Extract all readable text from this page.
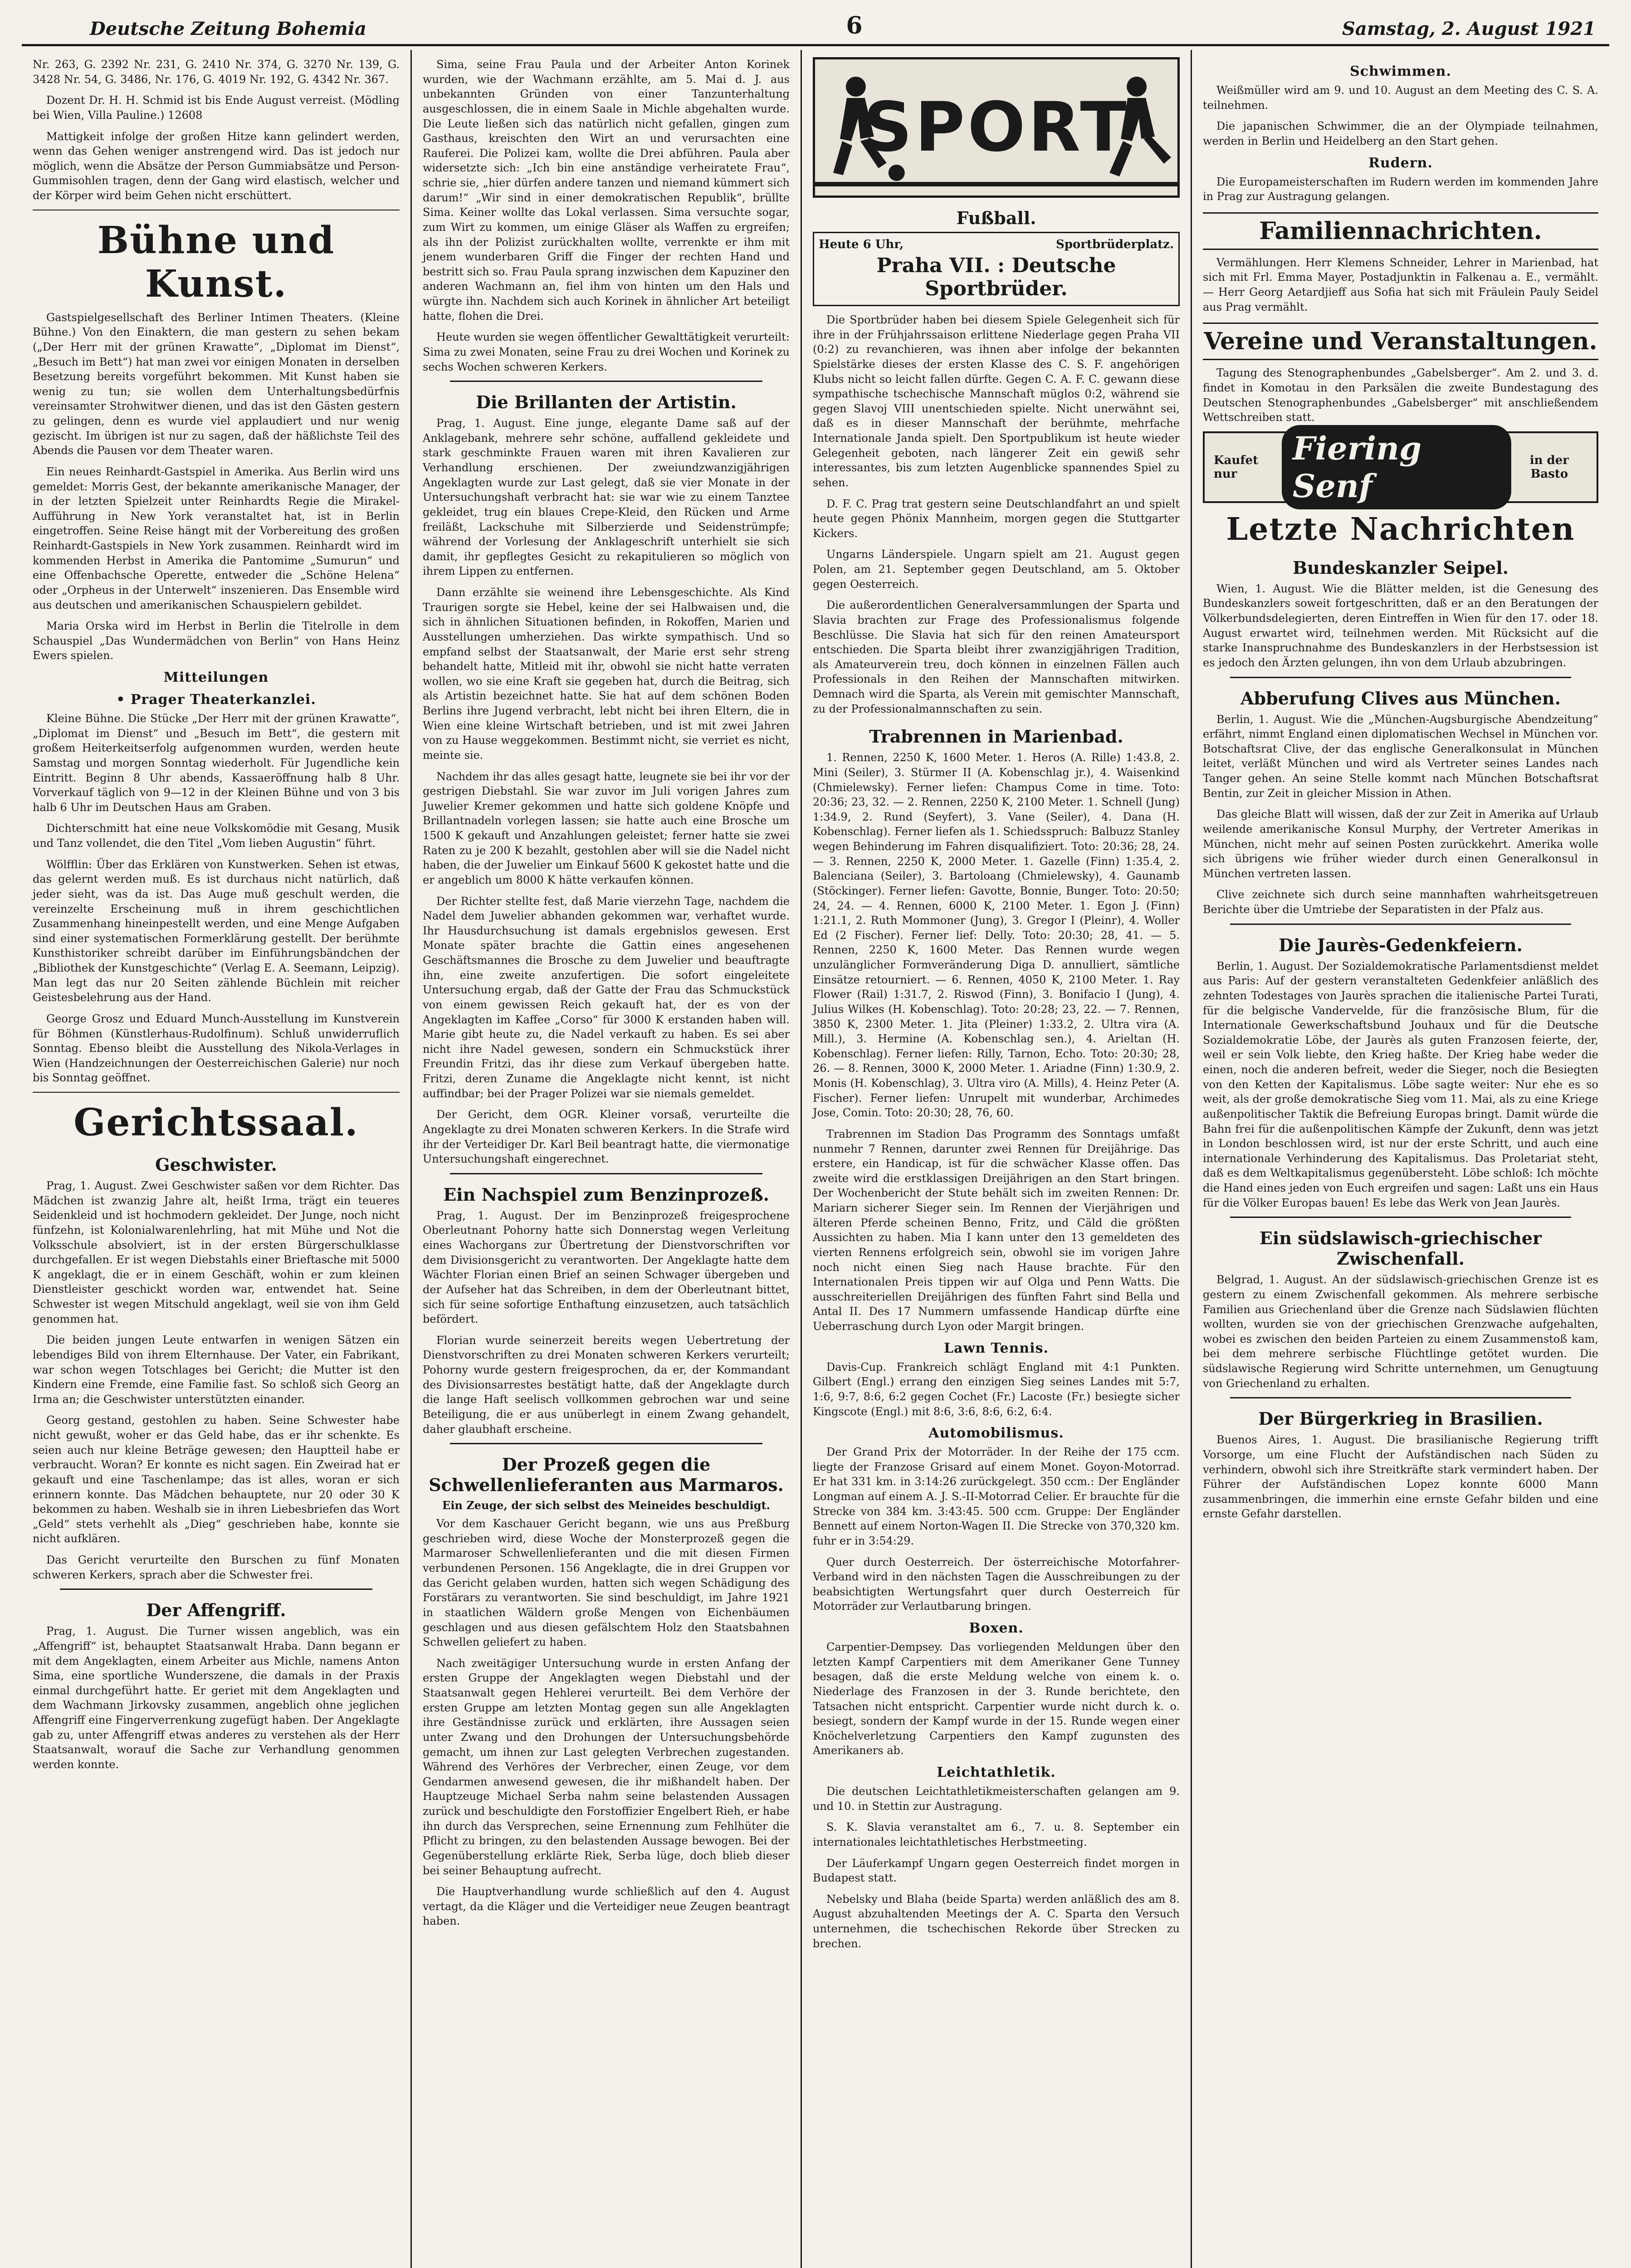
Deutsche Zeitung Bohemia	6	Samstag, 2. August 1921

Nr. 263, G. 2392 Nr. 231, G. 2410 Nr. 374, G. 3270 Nr. 139, G. 3428 Nr. 54, G. 3486, Nr. 176, G. 4019 Nr. 192, G. 4342 Nr. 367.

Dozent Dr. H. H. Schmid ist bis Ende August verreist. (Mödling bei Wien, Villa Pauline.) 12608

Mattigkeit infolge der großen Hitze kann gelindert werden, wenn das Gehen weniger anstrengend wird. Das ist jedoch nur möglich, wenn die Absätze der Person Gummiabsätze und Person-Gummisohlen tragen, denn der Gang wird elastisch, welcher und der Körper wird beim Gehen nicht erschüttert.

Bühne und Kunst.

Gastspielgesellschaft des Berliner Intimen Theaters. (Kleine Bühne.) Von den Einaktern, die man gestern zu sehen bekam („Der Herr mit der grünen Krawatte“, „Diplomat im Dienst“, „Besuch im Bett“) hat man zwei vor einigen Monaten in derselben Besetzung bereits vorgeführt bekommen. Mit Kunst haben sie wenig zu tun; sie wollen dem Unterhaltungsbedürfnis vereinsamter Strohwitwer dienen, und das ist den Gästen gestern zu gelingen, denn es wurde viel applaudiert und nur wenig gezischt. Im übrigen ist nur zu sagen, daß der häßlichste Teil des Abends die Pausen vor dem Theater waren.

Ein neues Reinhardt-Gastspiel in Amerika. Aus Berlin wird uns gemeldet: Morris Gest, der bekannte amerikanische Manager, der in der letzten Spielzeit unter Reinhardts Regie die Mirakel-Aufführung in New York veranstaltet hat, ist in Berlin eingetroffen. Seine Reise hängt mit der Vorbereitung des großen Reinhardt-Gastspiels in New York zusammen. Reinhardt wird im kommenden Herbst in Amerika die Pantomime „Sumurun“ und eine Offenbachsche Operette, entweder die „Schöne Helena“ oder „Orpheus in der Unterwelt“ inszenieren. Das Ensemble wird aus deutschen und amerikanischen Schauspielern gebildet.

Maria Orska wird im Herbst in Berlin die Titelrolle in dem Schauspiel „Das Wundermädchen von Berlin“ von Hans Heinz Ewers spielen.

Mitteilungen
• Prager Theaterkanzlei.

Kleine Bühne. Die Stücke „Der Herr mit der grünen Krawatte“, „Diplomat im Dienst“ und „Besuch im Bett“, die gestern mit großem Heiterkeitserfolg aufgenommen wurden, werden heute Samstag und morgen Sonntag wiederholt. Für Jugendliche kein Eintritt. Beginn 8 Uhr abends, Kassaeröffnung halb 8 Uhr. Vorverkauf täglich von 9—12 in der Kleinen Bühne und von 3 bis halb 6 Uhr im Deutschen Haus am Graben.

Dichterschmitt hat eine neue Volkskomödie mit Gesang, Musik und Tanz vollendet, die den Titel „Vom lieben Augustin“ führt.

Wölfflin: Über das Erklären von Kunstwerken. Sehen ist etwas, das gelernt werden muß. Es ist durchaus nicht natürlich, daß jeder sieht, was da ist. Das Auge muß geschult werden, die vereinzelte Erscheinung muß in ihrem geschichtlichen Zusammenhang hineinpestellt werden, und eine Menge Aufgaben sind einer systematischen Formerklärung gestellt. Der berühmte Kunsthistoriker schreibt darüber im Einführungsbändchen der „Bibliothek der Kunstgeschichte“ (Verlag E. A. Seemann, Leipzig). Man legt das nur 20 Seiten zählende Büchlein mit reicher Geistesbelehrung aus der Hand.

George Grosz und Eduard Munch-Ausstellung im Kunstverein für Böhmen (Künstlerhaus-Rudolfinum). Schluß unwiderruflich Sonntag. Ebenso bleibt die Ausstellung des Nikola-Verlages in Wien (Handzeichnungen der Oesterreichischen Galerie) nur noch bis Sonntag geöffnet.

Gerichtssaal.
Geschwister.

Prag, 1. August. Zwei Geschwister saßen vor dem Richter. Das Mädchen ist zwanzig Jahre alt, heißt Irma, trägt ein teueres Seidenkleid und ist hochmodern gekleidet. Der Junge, noch nicht fünfzehn, ist Kolonialwarenlehrling, hat mit Mühe und Not die Volksschule absolviert, ist in der ersten Bürgerschulklasse durchgefallen. Er ist wegen Diebstahls einer Brieftasche mit 5000 K angeklagt, die er in einem Geschäft, wohin er zum kleinen Dienstleister geschickt worden war, entwendet hat. Seine Schwester ist wegen Mitschuld angeklagt, weil sie von ihm Geld genommen hat.

Die beiden jungen Leute entwarfen in wenigen Sätzen ein lebendiges Bild von ihrem Elternhause. Der Vater, ein Fabrikant, war schon wegen Totschlages bei Gericht; die Mutter ist den Kindern eine Fremde, eine Familie fast. So schloß sich Georg an Irma an; die Geschwister unterstützten einander.

Georg gestand, gestohlen zu haben. Seine Schwester habe nicht gewußt, woher er das Geld habe, das er ihr schenkte. Es seien auch nur kleine Beträge gewesen; den Hauptteil habe er verbraucht. Woran? Er konnte es nicht sagen. Ein Zweirad hat er gekauft und eine Taschenlampe; das ist alles, woran er sich erinnern konnte. Das Mädchen behauptete, nur 20 oder 30 K bekommen zu haben. Weshalb sie in ihren Liebesbriefen das Wort „Geld“ stets verhehlt als „Dieg“ geschrieben habe, konnte sie nicht aufklären.

Das Gericht verurteilte den Burschen zu fünf Monaten schweren Kerkers, sprach aber die Schwester frei.

Der Affengriff.

Prag, 1. August. Die Turner wissen angeblich, was ein „Affengriff“ ist, behauptet Staatsanwalt Hraba. Dann begann er mit dem Angeklagten, einem Arbeiter aus Michle, namens Anton Sima, eine sportliche Wunderszene, die damals in der Praxis einmal durchgeführt hatte. Er geriet mit dem Angeklagten und dem Wachmann Jirkovsky zusammen, angeblich ohne jeglichen Affengriff eine Fingerverrenkung zugefügt haben. Der Angeklagte gab zu, unter Affengriff etwas anderes zu verstehen als der Herr Staatsanwalt, worauf die Sache zur Verhandlung genommen werden konnte.

Sima, seine Frau Paula und der Arbeiter Anton Korinek wurden, wie der Wachmann erzählte, am 5. Mai d. J. aus unbekannten Gründen von einer Tanzunterhaltung ausgeschlossen, die in einem Saale in Michle abgehalten wurde. Die Leute ließen sich das natürlich nicht gefallen, gingen zum Gasthaus, kreischten den Wirt an und verursachten eine Rauferei. Die Polizei kam, wollte die Drei abführen. Paula aber widersetzte sich: „Ich bin eine anständige verheiratete Frau“, schrie sie, „hier dürfen andere tanzen und niemand kümmert sich darum!“ „Wir sind in einer demokratischen Republik“, brüllte Sima. Keiner wollte das Lokal verlassen. Sima versuchte sogar, zum Wirt zu kommen, um einige Gläser als Waffen zu ergreifen; als ihn der Polizist zurückhalten wollte, verrenkte er ihm mit jenem wunderbaren Griff die Finger der rechten Hand und bestritt sich so. Frau Paula sprang inzwischen dem Kapuziner den anderen Wachmann an, fiel ihm von hinten um den Hals und würgte ihn. Nachdem sich auch Korinek in ähnlicher Art beteiligt hatte, flohen die Drei.

Heute wurden sie wegen öffentlicher Gewalttätigkeit verurteilt: Sima zu zwei Monaten, seine Frau zu drei Wochen und Korinek zu sechs Wochen schweren Kerkers.

Die Brillanten der Artistin.

Prag, 1. August. Eine junge, elegante Dame saß auf der Anklagebank, mehrere sehr schöne, auffallend gekleidete und stark geschminkte Frauen waren mit ihren Kavalieren zur Verhandlung erschienen. Der zweiundzwanzigjährigen Angeklagten wurde zur Last gelegt, daß sie vier Monate in der Untersuchungshaft verbracht hat: sie war wie zu einem Tanztee gekleidet, trug ein blaues Crepe-Kleid, den Rücken und Arme freiläßt, Lackschuhe mit Silberzierde und Seidenstrümpfe; während der Vorlesung der Anklageschrift unterhielt sie sich damit, ihr gepflegtes Gesicht zu rekapitulieren so möglich von ihrem Lippen zu entfernen.

Dann erzählte sie weinend ihre Lebensgeschichte. Als Kind Traurigen sorgte sie Hebel, keine der sei Halbwaisen und, die sich in ähnlichen Situationen befinden, in Rokoffen, Marien und Ausstellungen umherziehen. Das wirkte sympathisch. Und so empfand selbst der Staatsanwalt, der Marie erst sehr streng behandelt hatte, Mitleid mit ihr, obwohl sie nicht hatte verraten wollen, wo sie eine Kraft sie gegeben hat, durch die Beitrag, sich als Artistin bezeichnet hatte. Sie hat auf dem schönen Boden Berlins ihre Jugend verbracht, lebt nicht bei ihren Eltern, die in Wien eine kleine Wirtschaft betrieben, und ist mit zwei Jahren von zu Hause weggekommen. Bestimmt nicht, sie verriet es nicht, meinte sie.

Nachdem ihr das alles gesagt hatte, leugnete sie bei ihr vor der gestrigen Diebstahl. Sie war zuvor im Juli vorigen Jahres zum Juwelier Kremer gekommen und hatte sich goldene Knöpfe und Brillantnadeln vorlegen lassen; sie hatte auch eine Brosche um 1500 K gekauft und Anzahlungen geleistet; ferner hatte sie zwei Raten zu je 200 K bezahlt, gestohlen aber will sie die Nadel nicht haben, die der Juwelier um Einkauf 5600 K gekostet hatte und die er angeblich um 8000 K hätte verkaufen können.

Der Richter stellte fest, daß Marie vierzehn Tage, nachdem die Nadel dem Juwelier abhanden gekommen war, verhaftet wurde. Ihr Hausdurchsuchung ist damals ergebnislos gewesen. Erst Monate später brachte die Gattin eines angesehenen Geschäftsmannes die Brosche zu dem Juwelier und beauftragte ihn, eine zweite anzufertigen. Die sofort eingeleitete Untersuchung ergab, daß der Gatte der Frau das Schmuckstück von einem gewissen Reich gekauft hat, der es von der Angeklagten im Kaffee „Corso“ für 3000 K erstanden haben will. Marie gibt heute zu, die Nadel verkauft zu haben. Es sei aber nicht ihre Nadel gewesen, sondern ein Schmuckstück ihrer Freundin Fritzi, das ihr diese zum Verkauf übergeben hatte. Fritzi, deren Zuname die Angeklagte nicht kennt, ist nicht auffindbar; bei der Prager Polizei war sie niemals gemeldet.

Der Gericht, dem OGR. Kleiner vorsaß, verurteilte die Angeklagte zu drei Monaten schweren Kerkers. In die Strafe wird ihr der Verteidiger Dr. Karl Beil beantragt hatte, die viermonatige Untersuchungshaft eingerechnet.

Ein Nachspiel zum Benzinprozeß.

Prag, 1. August. Der im Benzinprozeß freigesprochene Oberleutnant Pohorny hatte sich Donnerstag wegen Verleitung eines Wachorgans zur Übertretung der Dienstvorschriften vor dem Divisionsgericht zu verantworten. Der Angeklagte hatte dem Wächter Florian einen Brief an seinen Schwager übergeben und der Aufseher hat das Schreiben, in dem der Oberleutnant bittet, sich für seine sofortige Enthaftung einzusetzen, auch tatsächlich befördert.

Florian wurde seinerzeit bereits wegen Uebertretung der Dienstvorschriften zu drei Monaten schweren Kerkers verurteilt; Pohorny wurde gestern freigesprochen, da er, der Kommandant des Divisionsarrestes bestätigt hatte, daß der Angeklagte durch die lange Haft seelisch vollkommen gebrochen war und seine Beteiligung, die er aus unüberlegt in einem Zwang gehandelt, daher glaubhaft erscheine.

Der Prozeß gegen die Schwellenlieferanten aus Marmaros.
Ein Zeuge, der sich selbst des Meineides beschuldigt.

Vor dem Kaschauer Gericht begann, wie uns aus Preßburg geschrieben wird, diese Woche der Monsterprozeß gegen die Marmaroser Schwellenlieferanten und die mit diesen Firmen verbundenen Personen. 156 Angeklagte, die in drei Gruppen vor das Gericht gelaben wurden, hatten sich wegen Schädigung des Forstärars zu verantworten. Sie sind beschuldigt, im Jahre 1921 in staatlichen Wäldern große Mengen von Eichenbäumen geschlagen und aus diesen gefälschtem Holz den Staatsbahnen Schwellen geliefert zu haben.

Nach zweitägiger Untersuchung wurde in ersten Anfang der ersten Gruppe der Angeklagten wegen Diebstahl und der Staatsanwalt gegen Hehlerei verurteilt. Bei dem Verhöre der ersten Gruppe am letzten Montag gegen sun alle Angeklagten ihre Geständnisse zurück und erklärten, ihre Aussagen seien unter Zwang und den Drohungen der Untersuchungsbehörde gemacht, um ihnen zur Last gelegten Verbrechen zugestanden. Während des Verhöres der Verbrecher, einen Zeuge, vor dem Gendarmen anwesend gewesen, die ihr mißhandelt haben. Der Hauptzeuge Michael Serba nahm seine belastenden Aussagen zurück und beschuldigte den Forstoffizier Engelbert Rieh, er habe ihn durch das Versprechen, seine Ernennung zum Fehlhüter die Pflicht zu bringen, zu den belastenden Aussage bewogen. Bei der Gegenüberstellung erklärte Riek, Serba lüge, doch blieb dieser bei seiner Behauptung aufrecht.

Die Hauptverhandlung wurde schließlich auf den 4. August vertagt, da die Kläger und die Verteidiger neue Zeugen beantragt haben.

SPORT
Fußball.
Heute 6 Uhr,	Sportbrüderplatz.
Praha VII. : Deutsche Sportbrüder.

Die Sportbrüder haben bei diesem Spiele Gelegenheit sich für ihre in der Frühjahrssaison erlittene Niederlage gegen Praha VII (0:2) zu revanchieren, was ihnen aber infolge der bekannten Spielstärke dieses der ersten Klasse des C. S. F. angehörigen Klubs nicht so leicht fallen dürfte. Gegen C. A. F. C. gewann diese sympathische tschechische Mannschaft müglos 0:2, während sie gegen Slavoj VIII unentschieden spielte. Nicht unerwähnt sei, daß es in dieser Mannschaft der berühmte, mehrfache Internationale Janda spielt. Den Sportpublikum ist heute wieder Gelegenheit geboten, nach längerer Zeit ein gewiß sehr interessantes, bis zum letzten Augenblicke spannendes Spiel zu sehen.

D. F. C. Prag trat gestern seine Deutschlandfahrt an und spielt heute gegen Phönix Mannheim, morgen gegen die Stuttgarter Kickers.

Ungarns Länderspiele. Ungarn spielt am 21. August gegen Polen, am 21. September gegen Deutschland, am 5. Oktober gegen Oesterreich.

Die außerordentlichen Generalversammlungen der Sparta und Slavia brachten zur Frage des Professionalismus folgende Beschlüsse. Die Slavia hat sich für den reinen Amateursport entschieden. Die Sparta bleibt ihrer zwanzigjährigen Tradition, als Amateurverein treu, doch können in einzelnen Fällen auch Professionals in den Reihen der Mannschaften mitwirken. Demnach wird die Sparta, als Verein mit gemischter Mannschaft, zu der Professionalmannschaften zu sein.

Trabrennen in Marienbad.

1. Rennen, 2250 K, 1600 Meter. 1. Heros (A. Rille) 1:43.8, 2. Mini (Seiler), 3. Stürmer II (A. Kobenschlag jr.), 4. Waisenkind (Chmielewsky). Ferner liefen: Champus Come in time. Toto: 20:36; 23, 32. — 2. Rennen, 2250 K, 2100 Meter. 1. Schnell (Jung) 1:34.9, 2. Rund (Seyfert), 3. Vane (Seiler), 4. Dana (H. Kobenschlag). Ferner liefen als 1. Schiedsspruch: Balbuzz Stanley wegen Behinderung im Fahren disqualifiziert. Toto: 20:36; 28, 24. — 3. Rennen, 2250 K, 2000 Meter. 1. Gazelle (Finn) 1:35.4, 2. Balenciana (Seiler), 3. Bartoloang (Chmielewsky), 4. Gaunamb (Stöckinger). Ferner liefen: Gavotte, Bonnie, Bunger. Toto: 20:50; 24, 24. — 4. Rennen, 6000 K, 2100 Meter. 1. Egon J. (Finn) 1:21.1, 2. Ruth Mommoner (Jung), 3. Gregor I (Pleinr), 4. Woller Ed (2 Fischer). Ferner lief: Delly. Toto: 20:30; 28, 41. — 5. Rennen, 2250 K, 1600 Meter. Das Rennen wurde wegen unzulänglicher Formveränderung Diga D. annulliert, sämtliche Einsätze retourniert. — 6. Rennen, 4050 K, 2100 Meter. 1. Ray Flower (Rail) 1:31.7, 2. Riswod (Finn), 3. Bonifacio I (Jung), 4. Julius Wilkes (H. Kobenschlag). Toto: 20:28; 23, 22. — 7. Rennen, 3850 K, 2300 Meter. 1. Jita (Pleiner) 1:33.2, 2. Ultra vira (A. Mill.), 3. Hermine (A. Kobenschlag sen.), 4. Arieltan (H. Kobenschlag). Ferner liefen: Rilly, Tarnon, Echo. Toto: 20:30; 28, 26. — 8. Rennen, 3000 K, 2000 Meter. 1. Ariadne (Finn) 1:30.9, 2. Monis (H. Kobenschlag), 3. Ultra viro (A. Mills), 4. Heinz Peter (A. Fischer). Ferner liefen: Unrupelt mit wunderbar, Archimedes Jose, Comin. Toto: 20:30; 28, 76, 60.

Trabrennen im Stadion Das Programm des Sonntags umfaßt nunmehr 7 Rennen, darunter zwei Rennen für Dreijährige. Das erstere, ein Handicap, ist für die schwächer Klasse offen. Das zweite wird die erstklassigen Dreijährigen an den Start bringen. Der Wochenbericht der Stute behält sich im zweiten Rennen: Dr. Mariarn sicherer Sieger sein. Im Rennen der Vierjährigen und älteren Pferde scheinen Benno, Fritz, und Cäld die größten Aussichten zu haben. Mia I kann unter den 13 gemeldeten des vierten Rennens erfolgreich sein, obwohl sie im vorigen Jahre noch nicht einen Sieg nach Hause brachte. Für den Internationalen Preis tippen wir auf Olga und Penn Watts. Die ausschreiteriellen Dreijährigen des fünften Fahrt sind Bella und Antal II. Des 17 Nummern umfassende Handicap dürfte eine Ueberraschung durch Lyon oder Margit bringen.

Lawn Tennis.

Davis-Cup. Frankreich schlägt England mit 4:1 Punkten. Gilbert (Engl.) errang den einzigen Sieg seines Landes mit 5:7, 1:6, 9:7, 8:6, 6:2 gegen Cochet (Fr.) Lacoste (Fr.) besiegte sicher Kingscote (Engl.) mit 8:6, 3:6, 8:6, 6:2, 6:4.

Automobilismus.

Der Grand Prix der Motorräder. In der Reihe der 175 ccm. liegte der Franzose Grisard auf einem Monet. Goyon-Motorrad. Er hat 331 km. in 3:14:26 zurückgelegt. 350 ccm.: Der Engländer Longman auf einem A. J. S.-II-Motorrad Celier. Er brauchte für die Strecke von 384 km. 3:43:45. 500 ccm. Gruppe: Der Engländer Bennett auf einem Norton-Wagen II. Die Strecke von 370,320 km. fuhr er in 3:54:29.

Quer durch Oesterreich. Der österreichische Motorfahrer-Verband wird in den nächsten Tagen die Ausschreibungen zu der beabsichtigten Wertungsfahrt quer durch Oesterreich für Motorräder zur Verlautbarung bringen.

Boxen.

Carpentier-Dempsey. Das vorliegenden Meldungen über den letzten Kampf Carpentiers mit dem Amerikaner Gene Tunney besagen, daß die erste Meldung welche von einem k. o. Niederlage des Franzosen in der 3. Runde berichtete, den Tatsachen nicht entspricht. Carpentier wurde nicht durch k. o. besiegt, sondern der Kampf wurde in der 15. Runde wegen einer Knöchelverletzung Carpentiers den Kampf zugunsten des Amerikaners ab.

Leichtathletik.

Die deutschen Leichtathletikmeisterschaften gelangen am 9. und 10. in Stettin zur Austragung.

S. K. Slavia veranstaltet am 6., 7. u. 8. September ein internationales leichtathletisches Herbstmeeting.

Der Läuferkampf Ungarn gegen Oesterreich findet morgen in Budapest statt.

Nebelsky und Blaha (beide Sparta) werden anläßlich des am 8. August abzuhaltenden Meetings der A. C. Sparta den Versuch unternehmen, die tschechischen Rekorde über Strecken zu brechen.

Schwimmen.

Weißmüller wird am 9. und 10. August an dem Meeting des C. S. A. teilnehmen.

Die japanischen Schwimmer, die an der Olympiade teilnahmen, werden in Berlin und Heidelberg an den Start gehen.

Rudern.

Die Europameisterschaften im Rudern werden im kommenden Jahre in Prag zur Austragung gelangen.

Familiennachrichten.

Vermählungen. Herr Klemens Schneider, Lehrer in Marienbad, hat sich mit Frl. Emma Mayer, Postadjunktin in Falkenau a. E., vermählt. — Herr Georg Aetardjieff aus Sofia hat sich mit Fräulein Pauly Seidel aus Prag vermählt.

Vereine und Veranstaltungen.

Tagung des Stenographenbundes „Gabelsberger“. Am 2. und 3. d. findet in Komotau in den Parksälen die zweite Bundestagung des Deutschen Stenographenbundes „Gabelsberger“ mit anschließendem Wettschreiben statt.

Kaufet nur
Fiering Senf
in der Basto
Letzte Nachrichten
Bundeskanzler Seipel.

Wien, 1. August. Wie die Blätter melden, ist die Genesung des Bundeskanzlers soweit fortgeschritten, daß er an den Beratungen der Völkerbundsdelegierten, deren Eintreffen in Wien für den 17. oder 18. August erwartet wird, teilnehmen werden. Mit Rücksicht auf die starke Inanspruchnahme des Bundeskanzlers in der Herbstsession ist es jedoch den Ärzten gelungen, ihn von dem Urlaub abzubringen.

Abberufung Clives aus München.

Berlin, 1. August. Wie die „München-Augsburgische Abendzeitung“ erfährt, nimmt England einen diplomatischen Wechsel in München vor. Botschaftsrat Clive, der das englische Generalkonsulat in München leitet, verläßt München und wird als Vertreter seines Landes nach Tanger gehen. An seine Stelle kommt nach München Botschaftsrat Bentin, zur Zeit in gleicher Mission in Athen.

Das gleiche Blatt will wissen, daß der zur Zeit in Amerika auf Urlaub weilende amerikanische Konsul Murphy, der Vertreter Amerikas in München, nicht mehr auf seinen Posten zurückkehrt. Amerika wolle sich übrigens wie früher wieder durch einen Generalkonsul in München vertreten lassen.

Clive zeichnete sich durch seine mannhaften wahrheitsgetreuen Berichte über die Umtriebe der Separatisten in der Pfalz aus.

Die Jaurès-Gedenkfeiern.

Berlin, 1. August. Der Sozialdemokratische Parlamentsdienst meldet aus Paris: Auf der gestern veranstalteten Gedenkfeier anläßlich des zehnten Todestages von Jaurès sprachen die italienische Partei Turati, für die belgische Vandervelde, für die französische Blum, für die Internationale Gewerkschaftsbund Jouhaux und für die Deutsche Sozialdemokratie Löbe, der Jaurès als guten Franzosen feierte, der, weil er sein Volk liebte, den Krieg haßte. Der Krieg habe weder die einen, noch die anderen befreit, weder die Sieger, noch die Besiegten von den Ketten der Kapitalismus. Löbe sagte weiter: Nur ehe es so weit, als der große demokratische Sieg vom 11. Mai, als zu eine Kriege außenpolitischer Taktik die Befreiung Europas bringt. Damit würde die Bahn frei für die außenpolitischen Kämpfe der Zukunft, denn was jetzt in London beschlossen wird, ist nur der erste Schritt, und auch eine internationale Verhinderung des Kapitalismus. Das Proletariat steht, daß es dem Weltkapitalismus gegenübersteht. Löbe schloß: Ich möchte die Hand eines jeden von Euch ergreifen und sagen: Laßt uns ein Haus für die Völker Europas bauen! Es lebe das Werk von Jean Jaurès.

Ein südslawisch-griechischer Zwischenfall.

Belgrad, 1. August. An der südslawisch-griechischen Grenze ist es gestern zu einem Zwischenfall gekommen. Als mehrere serbische Familien aus Griechenland über die Grenze nach Südslawien flüchten wollten, wurden sie von der griechischen Grenzwache aufgehalten, wobei es zwischen den beiden Parteien zu einem Zusammenstoß kam, bei dem mehrere serbische Flüchtlinge getötet wurden. Die südslawische Regierung wird Schritte unternehmen, um Genugtuung von Griechenland zu erhalten.

Der Bürgerkrieg in Brasilien.

Buenos Aires, 1. August. Die brasilianische Regierung trifft Vorsorge, um eine Flucht der Aufständischen nach Süden zu verhindern, obwohl sich ihre Streitkräfte stark vermindert haben. Der Führer der Aufständischen Lopez konnte 6000 Mann zusammenbringen, die immerhin eine ernste Gefahr bilden und eine ernste Gefahr darstellen.
